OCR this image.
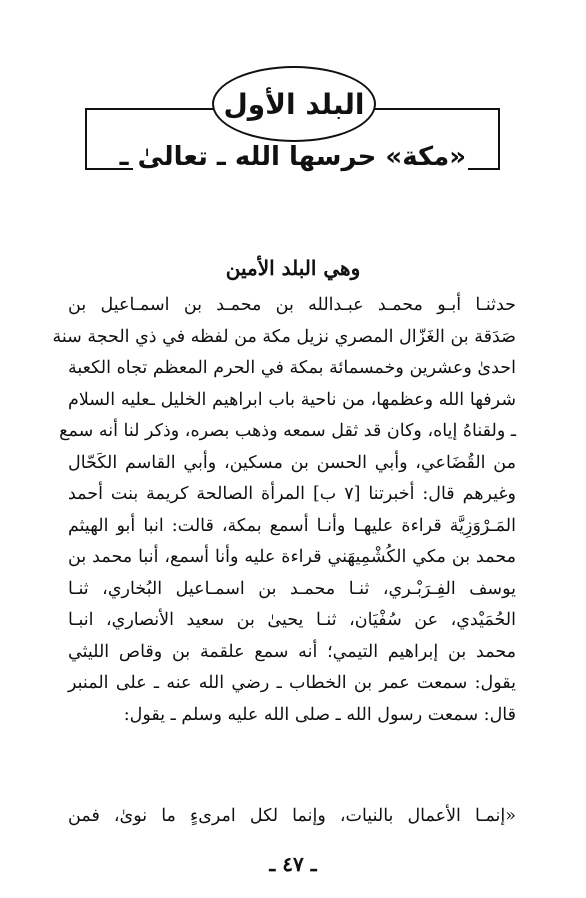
البلد الأول
«مكة» حرسها الله ـ تعالىٰ ـ
وهي البلد الأمين
حدثنـا أبـو محمـد عبـدالله بن محمـد بن اسمـاعيل بن
صَدَقة بن الغَزّال المصري نزيل مكة من لفظه في ذي الحجة سنة
احدىٰ وعشرين وخمسمائة بمكة في الحرم المعظم تجاه الكعبة
شرفها الله وعظمها، من ناحية باب ابراهيم الخليل ـعليه السلام
ـ ولقناهُ إياه، وكان قد ثقل سمعه وذهب بصره، وذكر لنا أنه سمع
من القُضَاعي، وأبي الحسن بن مسكين، وأبي القاسم الكَحّال
وغيرهم قال: أخبرتنا [٧ ب] المرأة الصالحة كريمة بنت أحمد
المَـرْوَزِيَّة قراءة عليهـا وأنـا أسمع بمكة، قالت: انبا أبو الهيثم
محمد بن مكي الكُشْمِيهَني قراءة عليه وأنا أسمع، أنبا محمد بن
يوسف الفِـرَبْـري، ثنـا محمـد بن اسمـاعيل البُخاري، ثنـا
الحُمَيْدي، عن سُفْيَان، ثنـا يحيىٰ بن سعيد الأنصاري، انبـا
محمد بن إبراهيم التيمي؛ أنه سمع علقمة بن وقاص الليثي
يقول: سمعت عمر بن الخطاب ـ رضي الله عنه ـ على المنبر
قال: سمعت رسول الله ـ صلى الله عليه وسلم ـ يقول:
«إنمـا الأعمال بالنيات، وإنما لكل امرىءٍ ما نوىٰ، فمن
ـ ٤٧ ـ
